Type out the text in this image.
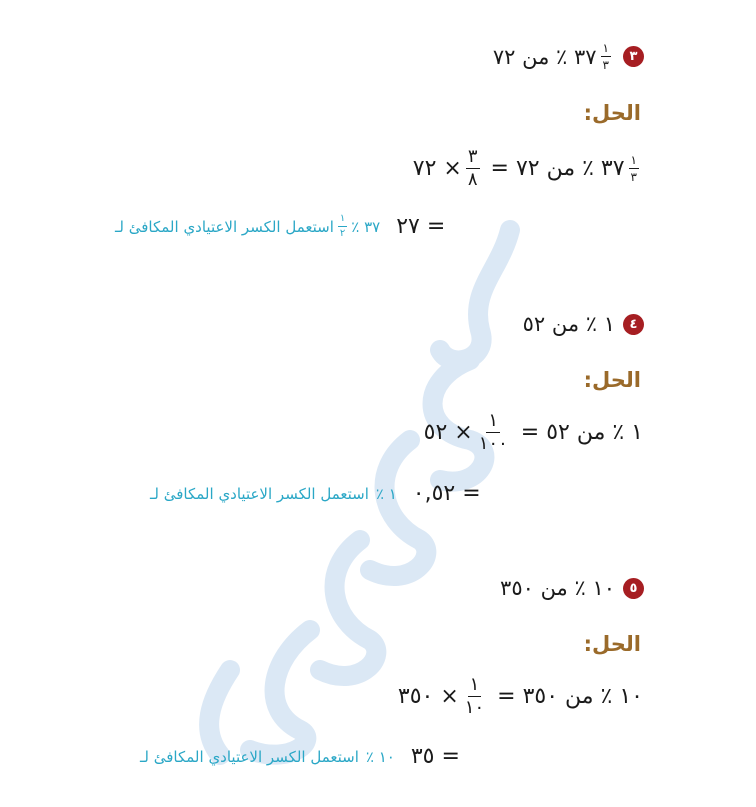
٣
$\frac{١}{٣}$
٣٧ ٪ من ٧٢
الحل:
$\frac{١}{٣}$
٣٧ ٪ من ٧٢ =
$\frac{٣}{٨}$
× ٧٢
٣٧ ٪
$\frac{١}{٢}$
استعمل الكسر الاعتيادي المكافئ لـ	= ٢٧
٤
١ ٪ من ٥٢
الحل:
١ ٪ من ٥٢ =
$\frac{١}{١٠٠}$
× ٥٢
١ ٪
استعمل الكسر الاعتيادي المكافئ لـ = ٠,٥٢
٥
١٠ ٪ من ٣٥٠
الحل:
١٠ ٪ من ٣٥٠ =
$\frac{١}{١٠}$
× ٣٥٠
١٠ ٪
استعمل الكسر الاعتيادي المكافئ لـ = ٣٥
